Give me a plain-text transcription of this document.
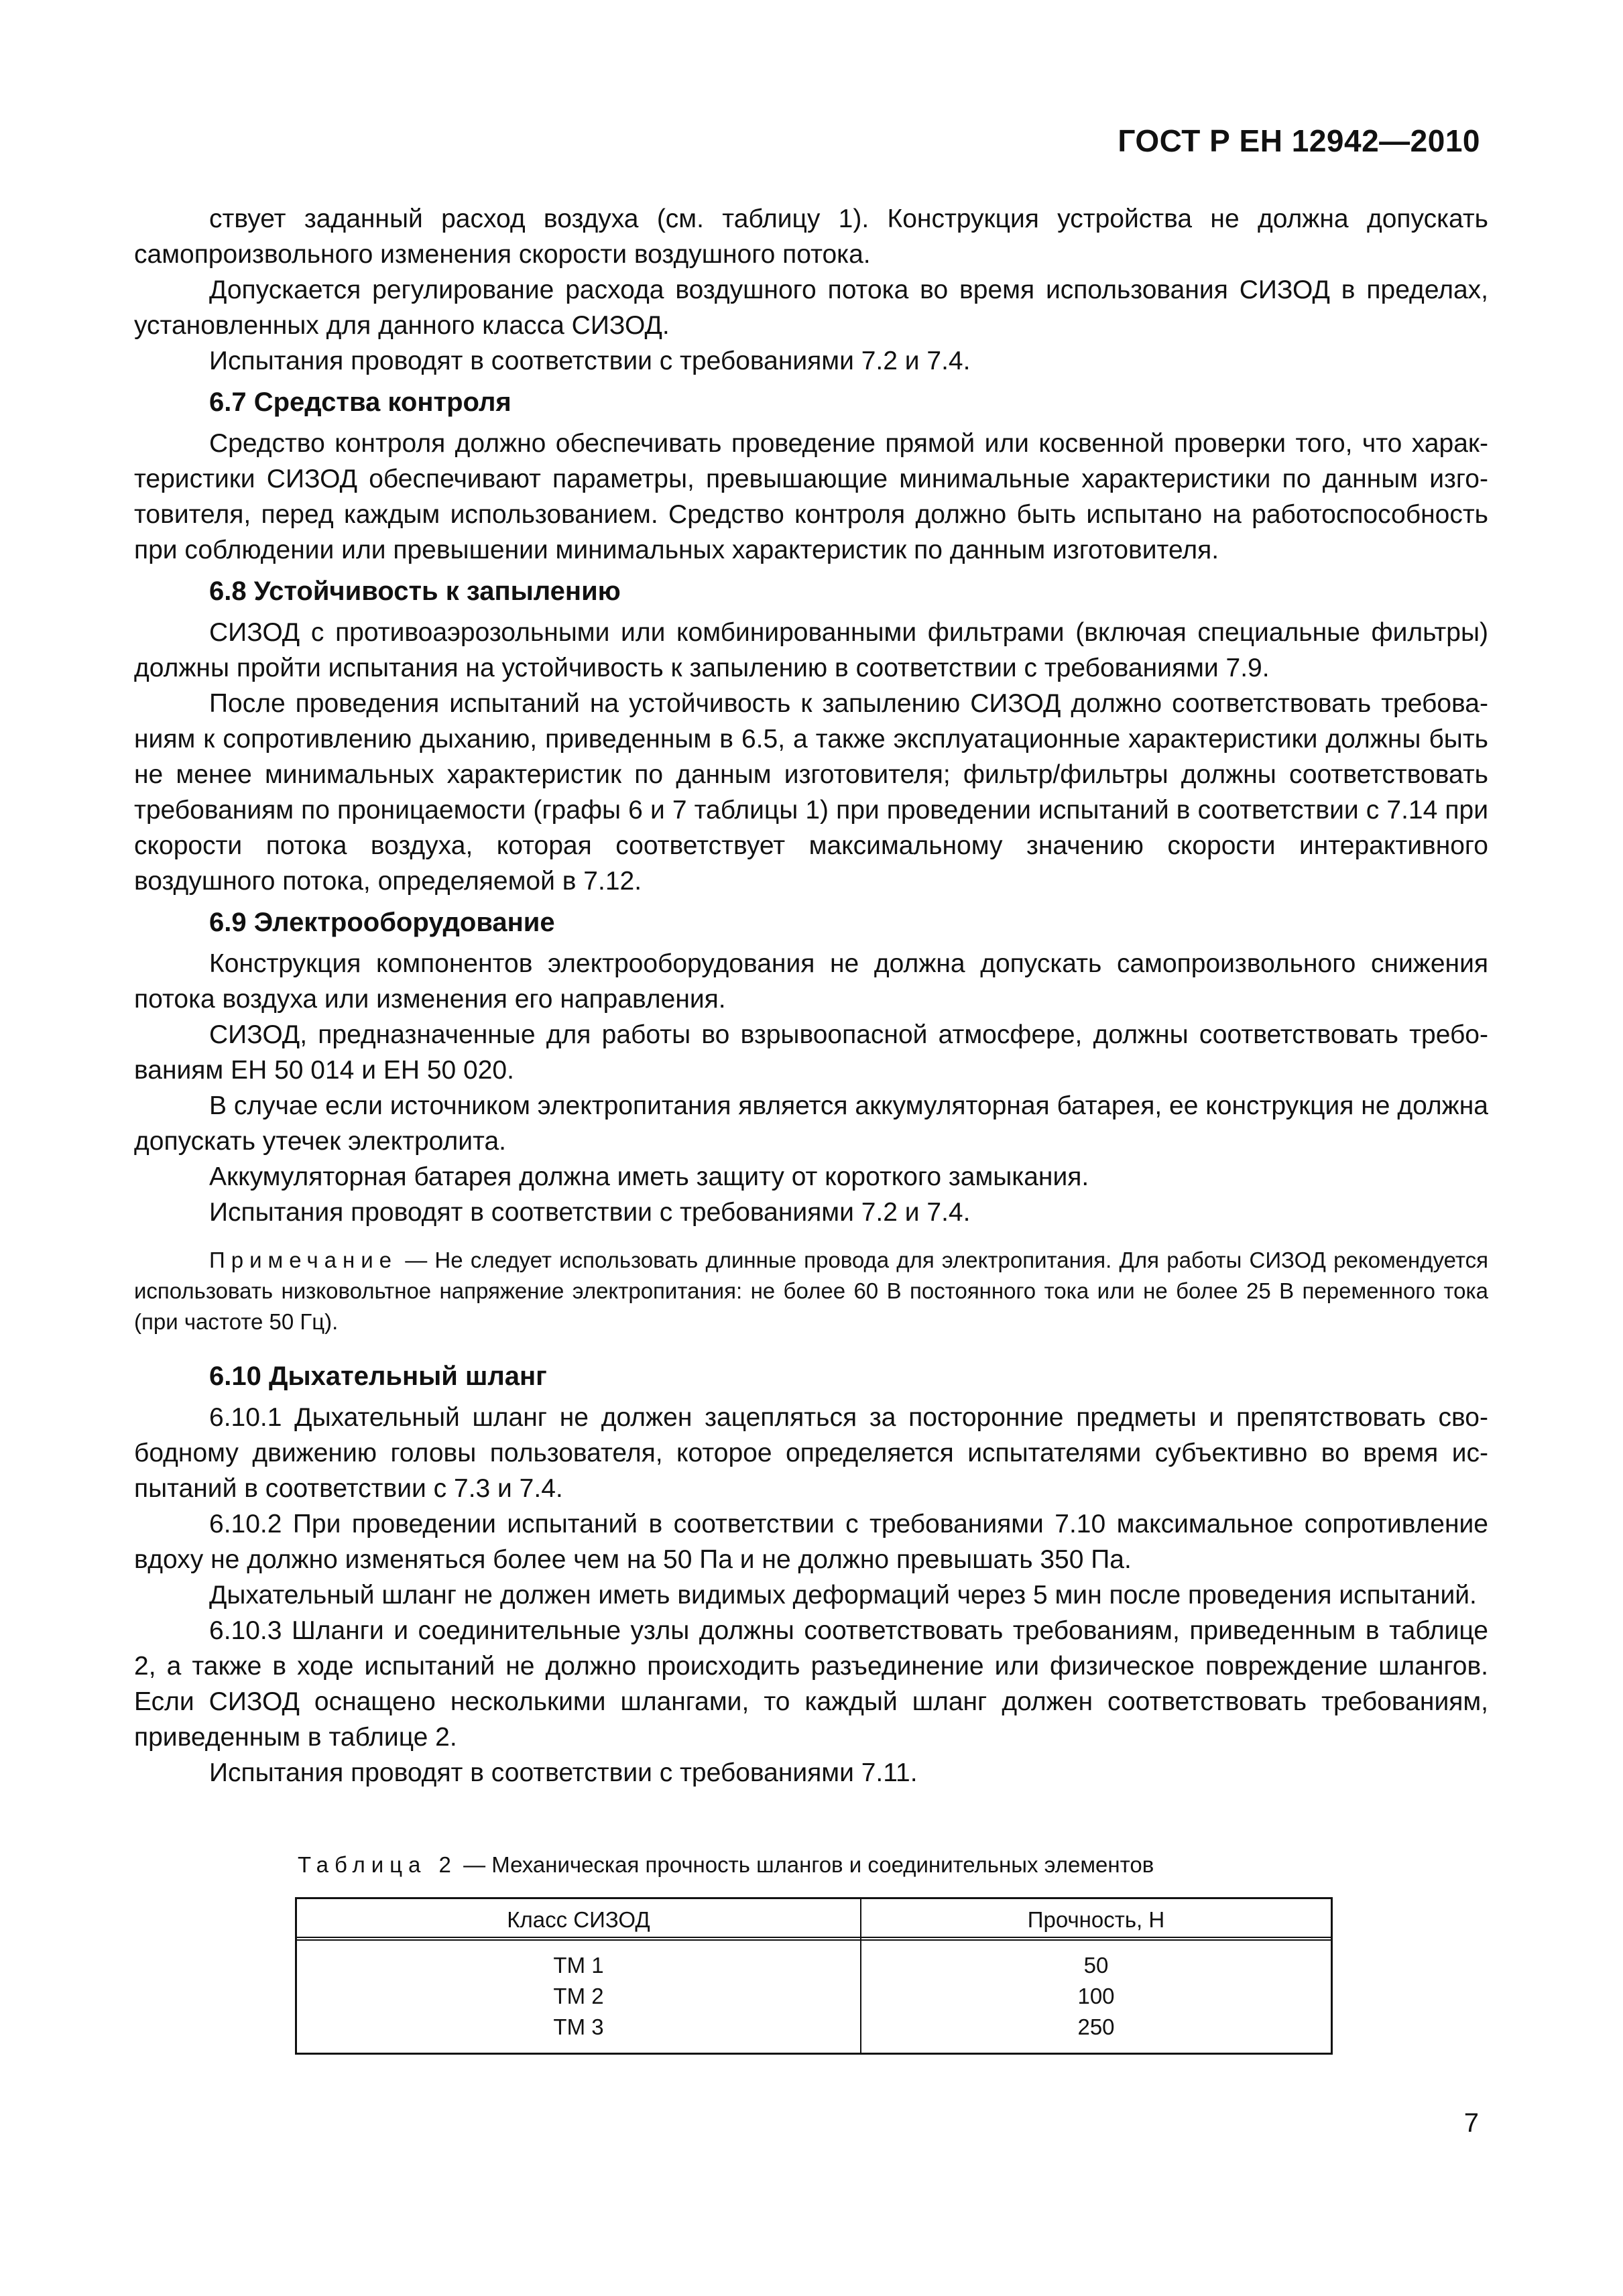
ГОСТ Р ЕН 12942—2010

ствует заданный расход воздуха (см. таблицу 1). Конструкция устройства не должна допускать самопроизвольного изменения скорости воздушного потока.

Допускается регулирование расхода воздушного потока во время использования СИЗОД в пределах, установленных для данного класса СИЗОД.

Испытания проводят в соответствии с требованиями 7.2 и 7.4.

6.7 Средства контроля

Средство контроля должно обеспечивать проведение прямой или косвенной проверки того, что характеристики СИЗОД обеспечивают параметры, превышающие минимальные характеристики по данным изготовителя, перед каждым использованием. Средство контроля должно быть испытано на работоспособность при соблюдении или превышении минимальных характеристик по данным изготовителя.

6.8 Устойчивость к запылению

СИЗОД с противоаэрозольными или комбинированными фильтрами (включая специальные фильтры) должны пройти испытания на устойчивость к запылению в соответствии с требованиями 7.9.

После проведения испытаний на устойчивость к запылению СИЗОД должно соответствовать требованиям к сопротивлению дыханию, приведенным в 6.5, а также эксплуатационные характеристики должны быть не менее минимальных характеристик по данным изготовителя; фильтр/фильтры должны соответствовать требованиям по проницаемости (графы 6 и 7 таблицы 1) при проведении испытаний в соответствии с 7.14 при скорости потока воздуха, которая соответствует максимальному значению скорости интерактивного воздушного потока, определяемой в 7.12.

6.9 Электрооборудование

Конструкция компонентов электрооборудования не должна допускать самопроизвольного снижения потока воздуха или изменения его направления.

СИЗОД, предназначенные для работы во взрывоопасной атмосфере, должны соответствовать требованиям ЕН 50 014 и ЕН 50 020.

В случае если источником электропитания является аккумуляторная батарея, ее конструкция не должна допускать утечек электролита.

Аккумуляторная батарея должна иметь защиту от короткого замыкания.

Испытания проводят в соответствии с требованиями 7.2 и 7.4.

Примечание — Не следует использовать длинные провода для электропитания. Для работы СИЗОД рекомендуется использовать низковольтное напряжение электропитания: не более 60 В постоянного тока или не более 25 В переменного тока (при частоте 50 Гц).

6.10 Дыхательный шланг

6.10.1 Дыхательный шланг не должен зацепляться за посторонние предметы и препятствовать свободному движению головы пользователя, которое определяется испытателями субъективно во время испытаний в соответствии с 7.3 и 7.4.

6.10.2 При проведении испытаний в соответствии с требованиями 7.10 максимальное сопротивление вдоху не должно изменяться более чем на 50 Па и не должно превышать 350 Па.

Дыхательный шланг не должен иметь видимых деформаций через 5 мин после проведения испытаний.

6.10.3 Шланги и соединительные узлы должны соответствовать требованиям, приведенным в таблице 2, а также в ходе испытаний не должно происходить разъединение или физическое повреждение шлангов. Если СИЗОД оснащено несколькими шлангами, то каждый шланг должен соответствовать требованиям, приведенным в таблице 2.

Испытания проводят в соответствии с требованиями 7.11.

Таблица 2 — Механическая прочность шлангов и соединительных элементов
Класс СИЗОД	Прочность, Н
ТМ 1	50
ТМ 2	100
ТМ 3	250
7
